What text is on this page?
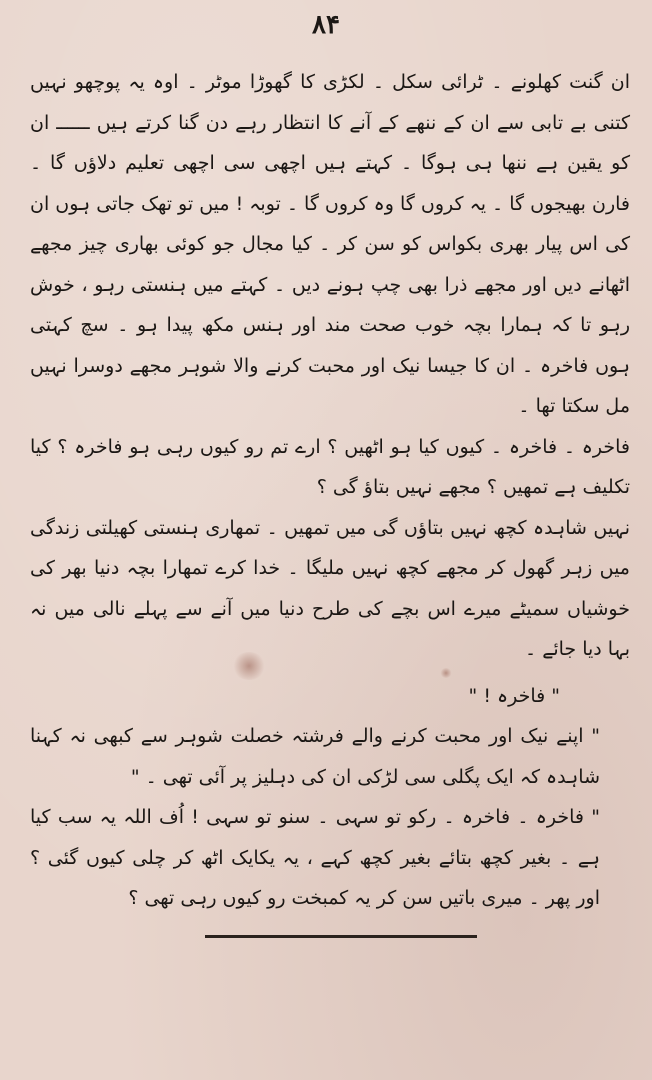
۸۴

ان گنت کھلونے ۔ ٹرائی سکل ۔ لکڑی کا گھوڑا موٹر ۔ اوہ یہ پوچھو نہیں کتنی بے تابی سے ان کے ننھے کے آنے کا انتظار رہے دن گنا کرتے ہیں ــــــ ان کو یقین ہے ننھا ہی ہوگا ۔ کہتے ہیں اچھی سی اچھی تعلیم دلاؤں گا ۔ فارن بھیجوں گا ۔ یہ کروں گا وہ کروں گا ۔ توبہ ! میں تو تھک جاتی ہوں ان کی اس پیار بھری بکواس کو سن کر ۔ کیا مجال جو کوئی بھاری چیز مجھے اٹھانے دیں اور مجھے ذرا بھی چپ ہونے دیں ۔ کہتے میں ہنستی رہو ، خوش رہو تا کہ ہمارا بچہ خوب صحت مند اور ہنس مکھ پیدا ہو ۔ سچ کہتی ہوں فاخرہ ۔ ان کا جیسا نیک اور محبت کرنے والا شوہر مجھے دوسرا نہیں مل سکتا تھا ۔

فاخرہ ۔ فاخرہ ۔ کیوں کیا ہو اٹھیں ؟ ارے تم رو کیوں رہی ہو فاخرہ ؟ کیا تکلیف ہے تمھیں ؟ مجھے نہیں بتاؤ گی ؟

نہیں شاہدہ کچھ نہیں بتاؤں گی میں تمھیں ۔ تمھاری ہنستی کھیلتی زندگی میں زہر گھول کر مجھے کچھ نہیں ملیگا ۔ خدا کرے تمھارا بچہ دنیا بھر کی خوشیاں سمیٹے میرے اس بچے کی طرح دنیا میں آنے سے پہلے نالی میں نہ بہا دیا جائے ۔

" فاخرہ ! "

" اپنے نیک اور محبت کرنے والے فرشتہ خصلت شوہر سے کبھی نہ کہنا شاہدہ کہ ایک پگلی سی لڑکی ان کی دہلیز پر آئی تھی ۔ "

" فاخرہ ۔ فاخرہ ۔ رکو تو سہی ۔ سنو تو سہی ! اُف اللہ یہ سب کیا ہے ۔ بغیر کچھ بتائے بغیر کچھ کہے ، یہ یکایک اٹھ کر چلی کیوں گئی ؟ اور پھر ۔ میری باتیں سن کر یہ کمبخت رو کیوں رہی تھی ؟
